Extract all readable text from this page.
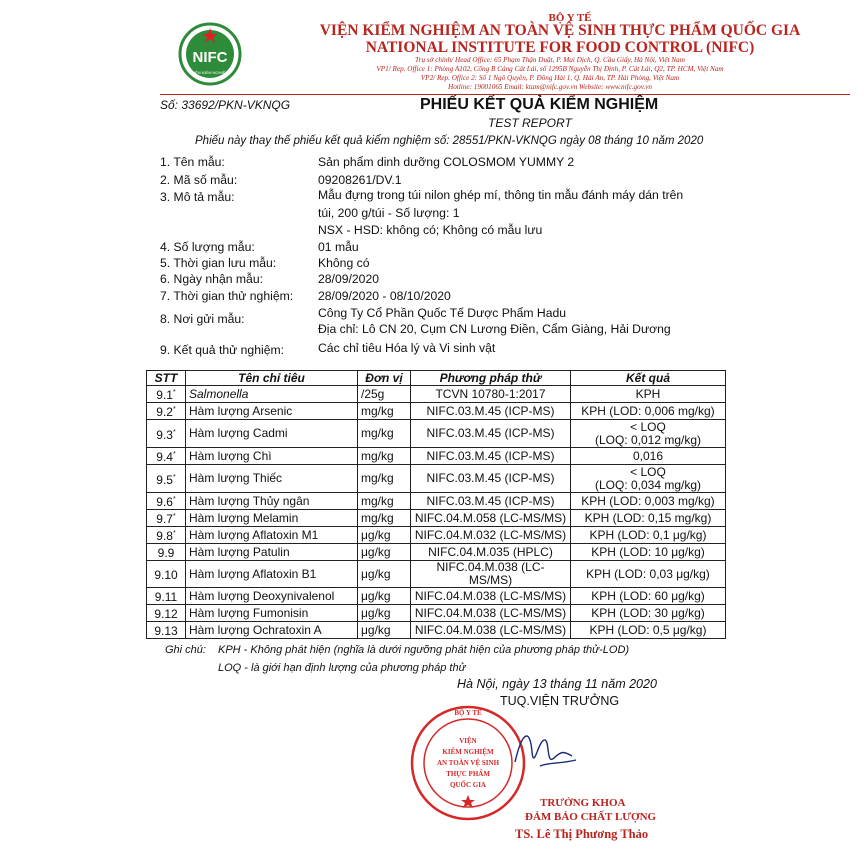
NIFC
VIỆN KIỂM NGHIỆM
BỘ Y TẾ
VIỆN KIỂM NGHIỆM AN TOÀN VỆ SINH THỰC PHẨM QUỐC GIA
NATIONAL INSTITUTE FOR FOOD CONTROL (NIFC)
Trụ sở chính/ Head Office: 65 Phạm Thận Duật, P. Mai Dịch, Q. Cầu Giấy, Hà Nội, Việt Nam
VP1/ Rep. Office 1: Phòng A102, Cổng B Cảng Cát Lái, số 1295B Nguyễn Thị Định, P. Cát Lái, Q2, TP. HCM, Việt Nam
VP2/ Rep. Office 2: Số 1 Ngô Quyền, P. Đông Hải 1, Q. Hải An, TP. Hải Phòng, Việt Nam
Hotline: 19001065 Email: ktam@nifc.gov.vn Website: www.nifc.gov.vn
Số: 33692/PKN-VKNQG	PHIẾU KẾT QUẢ KIỂM NGHIỆM
TEST REPORT
Phiếu này thay thế phiếu kết quả kiểm nghiệm số: 28551/PKN-VKNQG ngày 08 tháng 10 năm 2020
1. Tên mẫu:	Sản phẩm dinh dưỡng COLOSMOM YUMMY 2
2. Mã số mẫu:	09208261/DV.1
3. Mô tả mẫu:	Mẫu đựng trong túi nilon ghép mí, thông tin mẫu đánh máy dán trên
túi, 200 g/túi - Số lượng: 1
NSX - HSD: không có; Không có mẫu lưu
4. Số lượng mẫu:	01 mẫu
5. Thời gian lưu mẫu:	Không có
6. Ngày nhận mẫu:	28/09/2020
7. Thời gian thử nghiệm: 28/09/2020 - 08/10/2020
8. Nơi gửi mẫu:	Công Ty Cổ Phần Quốc Tế Dược Phẩm Hadu
Địa chỉ: Lô CN 20, Cụm CN Lương Điền, Cẩm Giàng, Hải Dương
9. Kết quả thử nghiệm:	Các chỉ tiêu Hóa lý và Vi sinh vật
STT	Tên chỉ tiêu	Đơn vị	Phương pháp thử	Kết quả
9.1*	Salmonella	/25g	TCVN 10780-1:2017	KPH

9.2*	Hàm lượng Arsenic	mg/kg	NIFC.03.M.45 (ICP-MS)	KPH (LOD: 0,006 mg/kg)

9.3*	Hàm lượng Cadmi	mg/kg	NIFC.03.M.45 (ICP-MS)	< LOQ
(LOQ: 0,012 mg/kg)

9.4*	Hàm lượng Chì	mg/kg	NIFC.03.M.45 (ICP-MS)	0,016

9.5*	Hàm lượng Thiếc	mg/kg	NIFC.03.M.45 (ICP-MS)	< LOQ
(LOQ: 0,034 mg/kg)

9.6*	Hàm lượng Thủy ngân	mg/kg	NIFC.03.M.45 (ICP-MS)	KPH (LOD: 0,003 mg/kg)

9.7*	Hàm lượng Melamin	mg/kg	NIFC.04.M.058 (LC-MS/MS)	KPH (LOD: 0,15 mg/kg)

9.8*	Hàm lượng Aflatoxin M1	μg/kg	NIFC.04.M.032 (LC-MS/MS)	KPH (LOD: 0,1 μg/kg)

9.9	Hàm lượng Patulin	μg/kg	NIFC.04.M.035 (HPLC)	KPH (LOD: 10 μg/kg)

9.10	Hàm lượng Aflatoxin B1	μg/kg	NIFC.04.M.038 (LC- MS/MS)	KPH (LOD: 0,03 μg/kg)

9.11	Hàm lượng Deoxynivalenol	μg/kg	NIFC.04.M.038 (LC-MS/MS)	KPH (LOD: 60 μg/kg)

9.12	Hàm lượng Fumonisin	μg/kg	NIFC.04.M.038 (LC-MS/MS)	KPH (LOD: 30 μg/kg)

9.13	Hàm lượng Ochratoxin A	μg/kg	NIFC.04.M.038 (LC-MS/MS)	KPH (LOD: 0,5 μg/kg)
Ghi chú: KPH - Không phát hiện (nghĩa là dưới ngưỡng phát hiện của phương pháp thử-LOD)
LOQ - là giới hạn định lượng của phương pháp thử
Hà Nội, ngày 13 tháng 11 năm 2020
TUQ.VIỆN TRƯỞNG
BỘ Y TẾ
VIỆN
KIỂM NGHIỆM
AN TOÀN VỆ SINH
THỰC PHẨM
QUỐC GIA
TRƯỞNG KHOA
ĐẢM BẢO CHẤT LƯỢNG
TS. Lê Thị Phương Thảo
